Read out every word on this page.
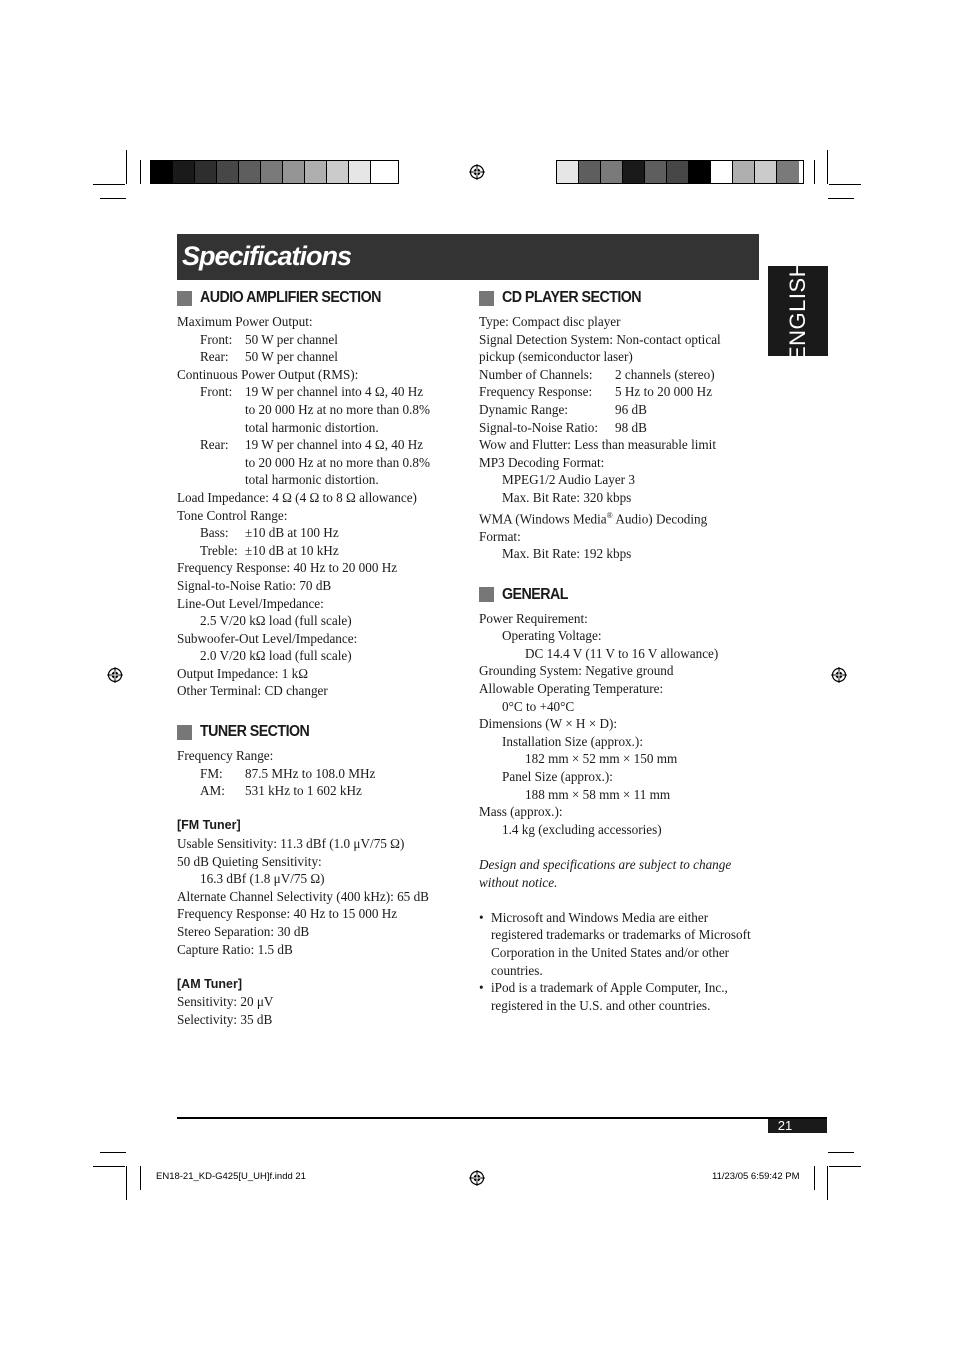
Specifications
ENGLISH
AUDIO AMPLIFIER SECTION
Maximum Power Output:
Front: 50 W per channel
Rear:	50 W per channel
Continuous Power Output (RMS):
Front: 19 W per channel into 4 Ω, 40 Hz
to 20 000 Hz at no more than 0.8%
total harmonic distortion.
Rear:	19 W per channel into 4 Ω, 40 Hz
to 20 000 Hz at no more than 0.8%
total harmonic distortion.
Load Impedance: 4 Ω (4 Ω to 8 Ω allowance)
Tone Control Range:
Bass:	±10 dB at 100 Hz
Treble: ±10 dB at 10 kHz
Frequency Response: 40 Hz to 20 000 Hz
Signal-to-Noise Ratio: 70 dB
Line-Out Level/Impedance:
2.5 V/20 kΩ load (full scale)
Subwoofer-Out Level/Impedance:
2.0 V/20 kΩ load (full scale)
Output Impedance: 1 kΩ
Other Terminal: CD changer
TUNER SECTION
Frequency Range:
FM:	87.5 MHz to 108.0 MHz
AM:	531 kHz to 1 602 kHz
[FM Tuner]
Usable Sensitivity: 11.3 dBf (1.0 μV/75 Ω)
50 dB Quieting Sensitivity:
16.3 dBf (1.8 μV/75 Ω)
Alternate Channel Selectivity (400 kHz): 65 dB
Frequency Response: 40 Hz to 15 000 Hz
Stereo Separation: 30 dB
Capture Ratio: 1.5 dB
[AM Tuner]
Sensitivity: 20 μV
Selectivity: 35 dB
CD PLAYER SECTION
Type: Compact disc player
Signal Detection System: Non-contact optical
pickup (semiconductor laser)
Number of Channels:	2 channels (stereo)
Frequency Response:	5 Hz to 20 000 Hz
Dynamic Range:	96 dB
Signal-to-Noise Ratio:	98 dB
Wow and Flutter: Less than measurable limit
MP3 Decoding Format:
MPEG1/2 Audio Layer 3
Max. Bit Rate: 320 kbps
WMA (Windows Media® Audio) Decoding
Format:
Max. Bit Rate: 192 kbps
GENERAL
Power Requirement:
Operating Voltage:
DC 14.4 V (11 V to 16 V allowance)
Grounding System: Negative ground
Allowable Operating Temperature:
0°C to +40°C
Dimensions (W × H × D):
Installation Size (approx.):
182 mm × 52 mm × 150 mm
Panel Size (approx.):
188 mm × 58 mm × 11 mm
Mass (approx.):
1.4 kg (excluding accessories)
Design and specifications are subject to change without notice.
• Microsoft and Windows Media are either registered trademarks or trademarks of Microsoft Corporation in the United States and/or other countries.
• iPod is a trademark of Apple Computer, Inc., registered in the U.S. and other countries.
21
EN18-21_KD-G425[U_UH]f.indd 21	11/23/05 6:59:42 PM
